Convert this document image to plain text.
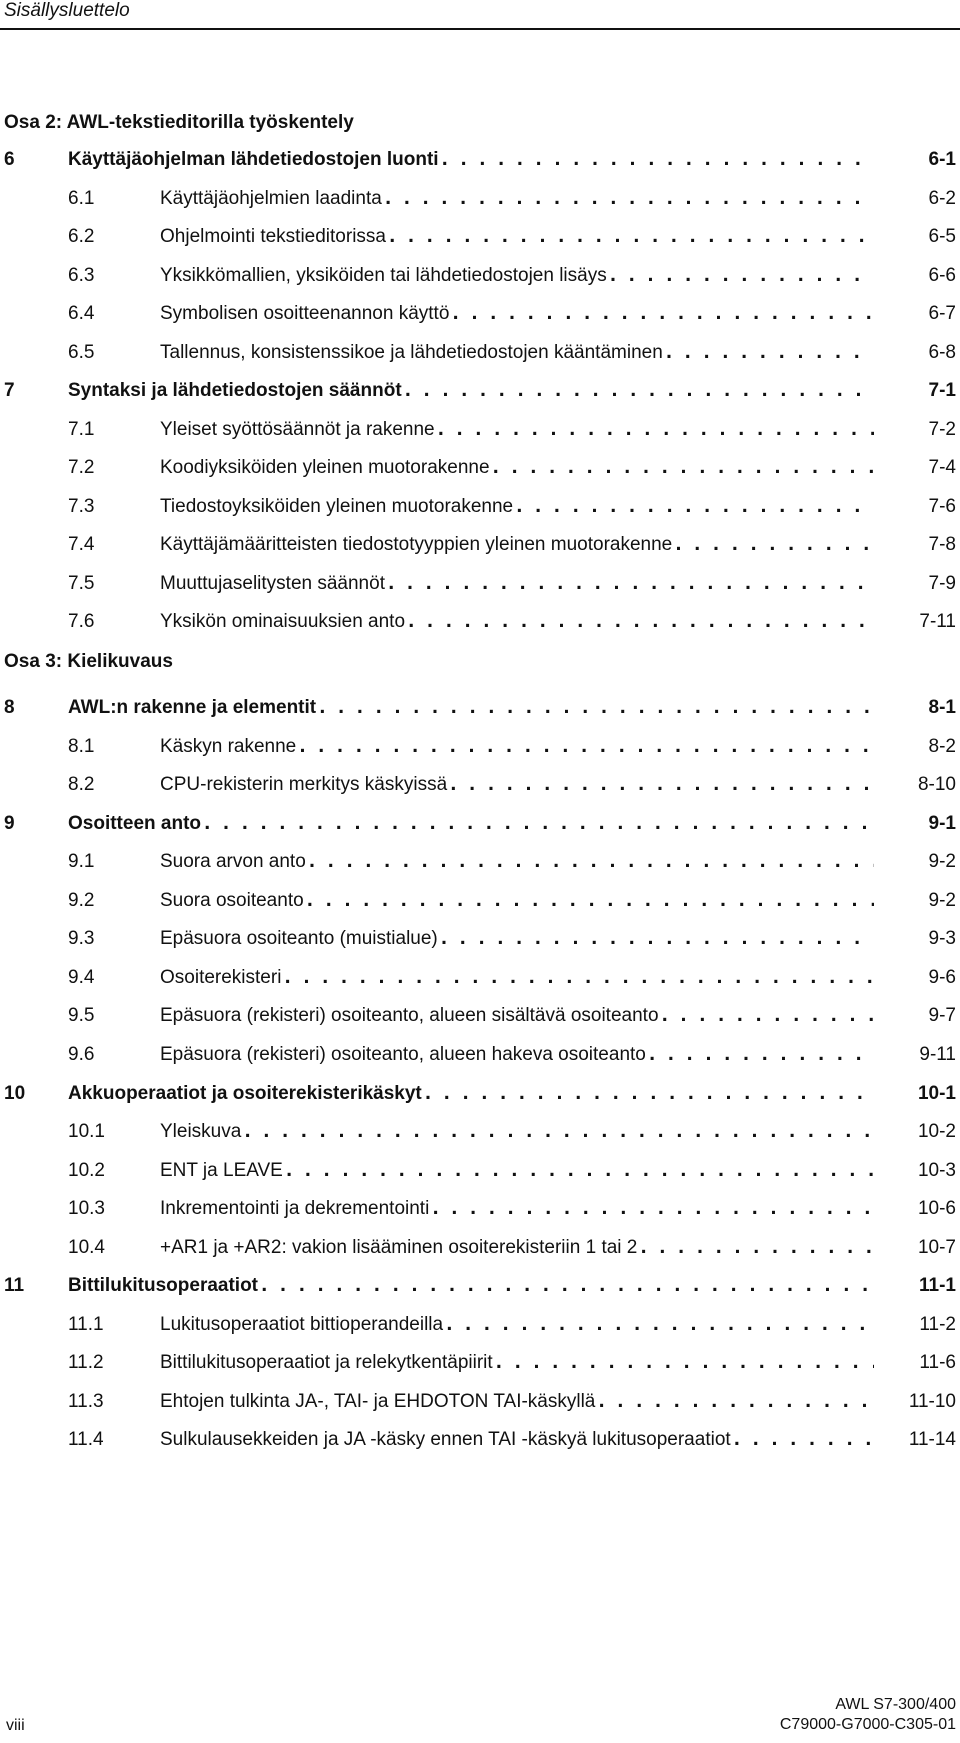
Sisällysluettelo
Osa 2: AWL-tekstieditorilla työskentely
Osa 3: Kielikuvaus
6	Käyttäjäohjelman lähdetiedostojen luonti . . .	6-1
6.1	Käyttäjäohjelmien laadinta . . .	6-2
6.2	Ohjelmointi tekstieditorissa . . .	6-5
6.3	Yksikkömallien, yksiköiden tai lähdetiedostojen lisäys . . .	6-6
6.4	Symbolisen osoitteenannon käyttö . . .	6-7
6.5	Tallennus, konsistenssikoe ja lähdetiedostojen kääntäminen . . .	6-8
7	Syntaksi ja lähdetiedostojen säännöt . . .	7-1
7.1	Yleiset syöttösäännöt ja rakenne . . .	7-2
7.2	Koodiyksiköiden yleinen muotorakenne . . .	7-4
7.3	Tiedostoyksiköiden yleinen muotorakenne . . .	7-6
7.4	Käyttäjämääritteisten tiedostotyyppien yleinen muotorakenne . . .	7-8
7.5	Muuttujaselitysten säännöt . . .	7-9
7.6	Yksikön ominaisuuksien anto . . .	7-11
8	AWL:n rakenne ja elementit . . .	8-1
8.1	Käskyn rakenne . . .	8-2
8.2	CPU-rekisterin merkitys käskyissä . . .	8-10
9	Osoitteen anto . . .	9-1
9.1	Suora arvon anto . . .	9-2
9.2	Suora osoiteanto . . .	9-2
9.3	Epäsuora osoiteanto (muistialue) . . .	9-3
9.4	Osoiterekisteri . . .	9-6
9.5	Epäsuora (rekisteri) osoiteanto, alueen sisältävä osoiteanto . . .	9-7
9.6	Epäsuora (rekisteri) osoiteanto, alueen hakeva osoiteanto . . .	9-11
10 Akkuoperaatiot ja osoiterekisterikäskyt . . .	10-1
10.1	Yleiskuva . . .	10-2
10.2	ENT ja LEAVE . . .	10-3
10.3	Inkrementointi ja dekrementointi . . .	10-6
10.4	+AR1 ja +AR2: vakion lisääminen osoiterekisteriin 1 tai 2 . . .	10-7
11 Bittilukitusoperaatiot . . .	11-1
11.1	Lukitusoperaatiot bittioperandeilla . . .	11-2
11.2	Bittilukitusoperaatiot ja relekytkentäpiirit . . .	11-6
11.3	Ehtojen tulkinta JA-, TAI- ja EHDOTON TAI-käskyllä . . .	11-10
11.4	Sulkulausekkeiden ja JA -käsky ennen TAI -käskyä lukitusoperaatiot . . .	11-14
AWL S7-300/400
C79000-G7000-C305-01
viii
